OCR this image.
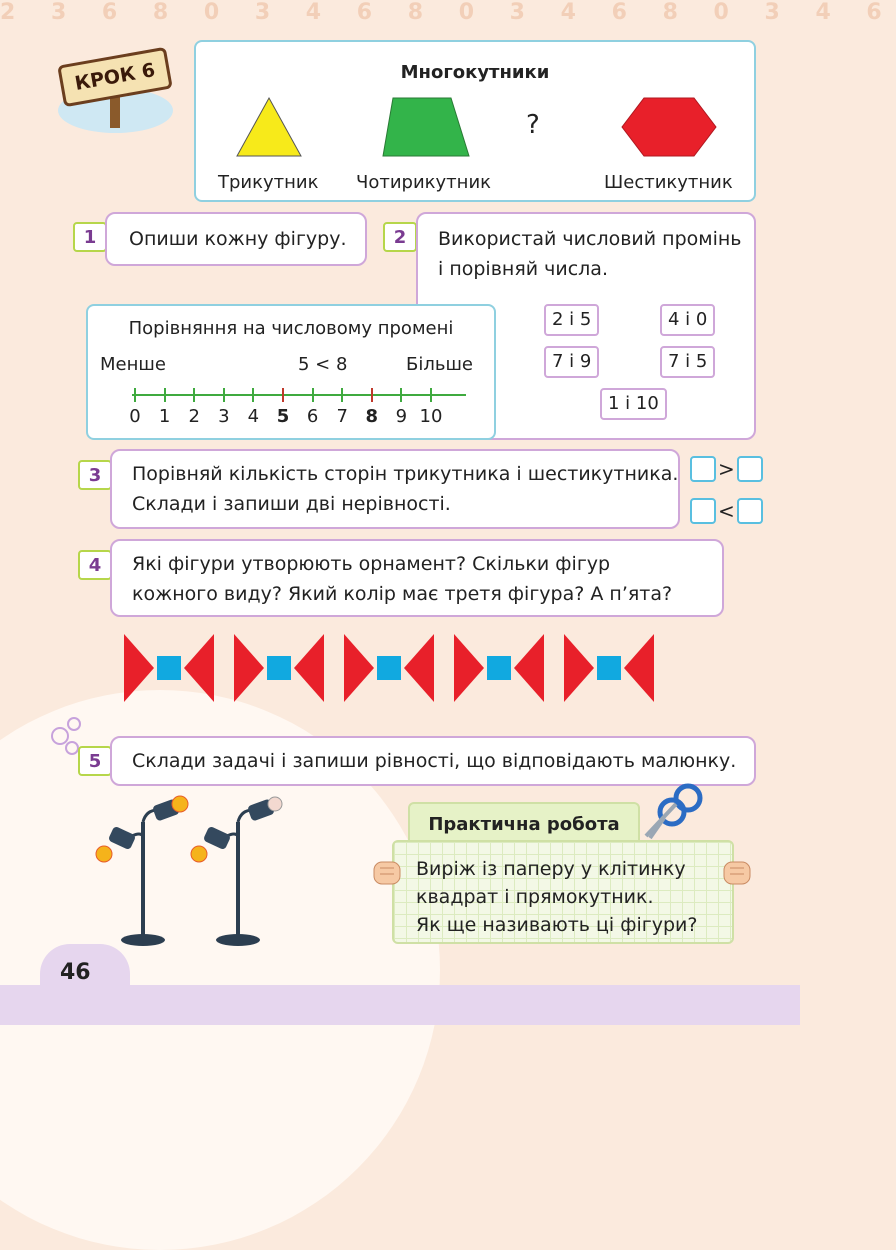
2 3 6 8 0 3 4 6 8 0 3 4 6 8 0 3 4 6
КРОК 6	Многокутники
?
Трикутник Чотирикутник	Шестикутник
1 Опиши кожну фігуру.	2 Використай числовий промінь
і порівняй числа.
2 і 5	4 і 0
7 і 9	7 і 5
1 і 10
Порівняння на числовому промені
Менше	5 < 8	Більше
0	1	2	3	4 5 6	7 8 9 10
3 Порівняй кількість сторін трикутника і шестикутника.
Склади і запиши дві нерівності.
>
<
4 Які фігури утворюють орнамент? Скільки фігур
кожного виду? Який колір має третя фігура? А п’ята?
5 Склади задачі і запиши рівності, що відповідають малюнку.
Практична робота
Виріж із паперу у клітинку
квадрат і прямокутник.
Як ще називають ці фігури?
46
